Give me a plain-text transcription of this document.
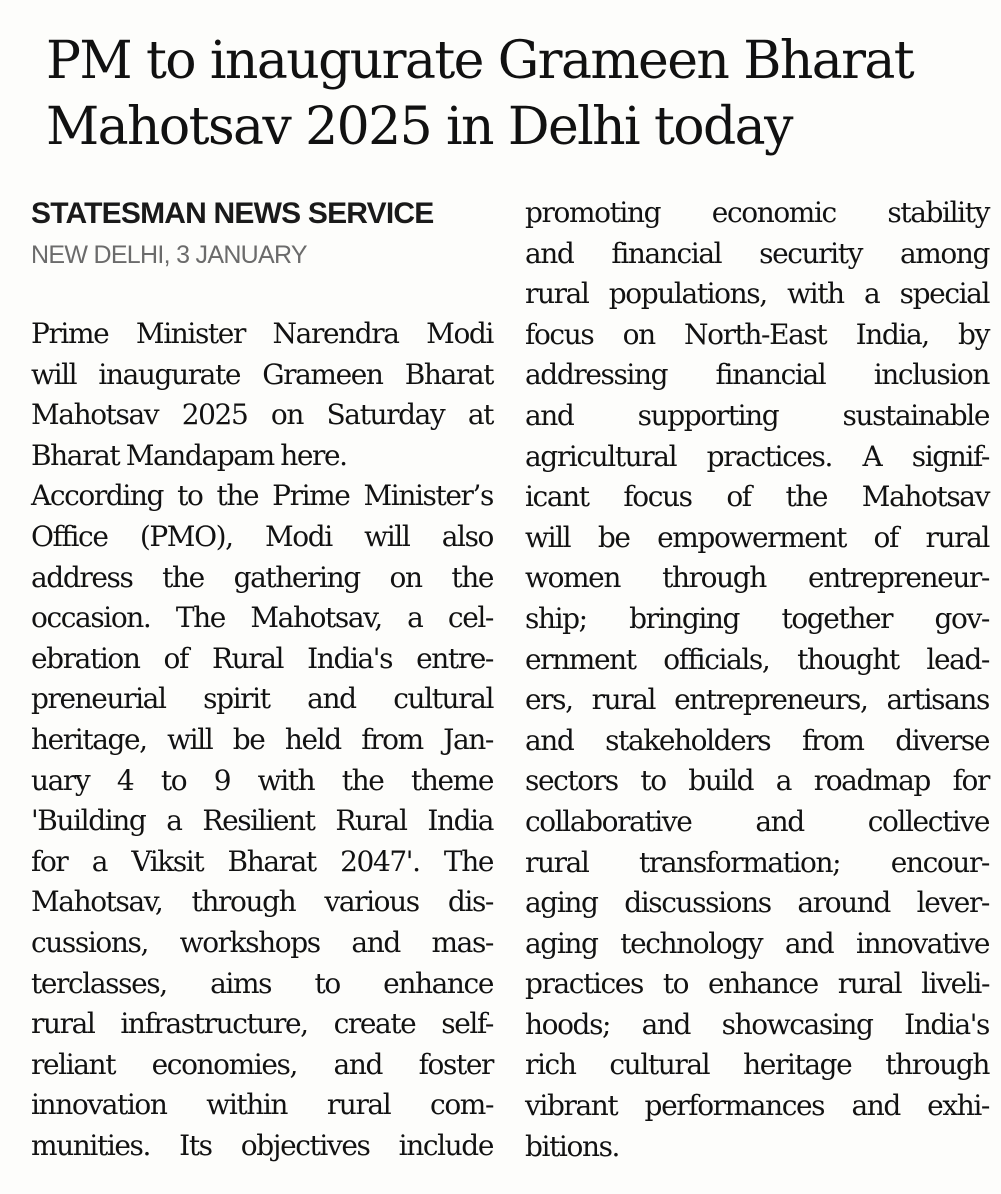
PM to inaugurate Grameen Bharat
Mahotsav 2025 in Delhi today
STATESMAN NEWS SERVICE
NEW DELHI, 3 JANUARY
Prime Minister Narendra Modi
will inaugurate Grameen Bharat
Mahotsav 2025 on Saturday at
Bharat Mandapam here.
According to the Prime Minister’s
Office (PMO), Modi will also
address the gathering on the
occasion. The Mahotsav, a cel-
ebration of Rural India's entre-
preneurial spirit and cultural
heritage, will be held from Jan-
uary 4 to 9 with the theme
'Building a Resilient Rural India
for a Viksit Bharat 2047'. The
Mahotsav, through various dis-
cussions, workshops and mas-
terclasses, aims to enhance
rural infrastructure, create self-
reliant economies, and foster
innovation within rural com-
munities. Its objectives include
promoting economic stability
and financial security among
rural populations, with a special
focus on North-East India, by
addressing financial inclusion
and supporting sustainable
agricultural practices. A signif-
icant focus of the Mahotsav
will be empowerment of rural
women through entrepreneur-
ship; bringing together gov-
ernment officials, thought lead-
ers, rural entrepreneurs, artisans
and stakeholders from diverse
sectors to build a roadmap for
collaborative and collective
rural transformation; encour-
aging discussions around lever-
aging technology and innovative
practices to enhance rural liveli-
hoods; and showcasing India's
rich cultural heritage through
vibrant performances and exhi-
bitions.
